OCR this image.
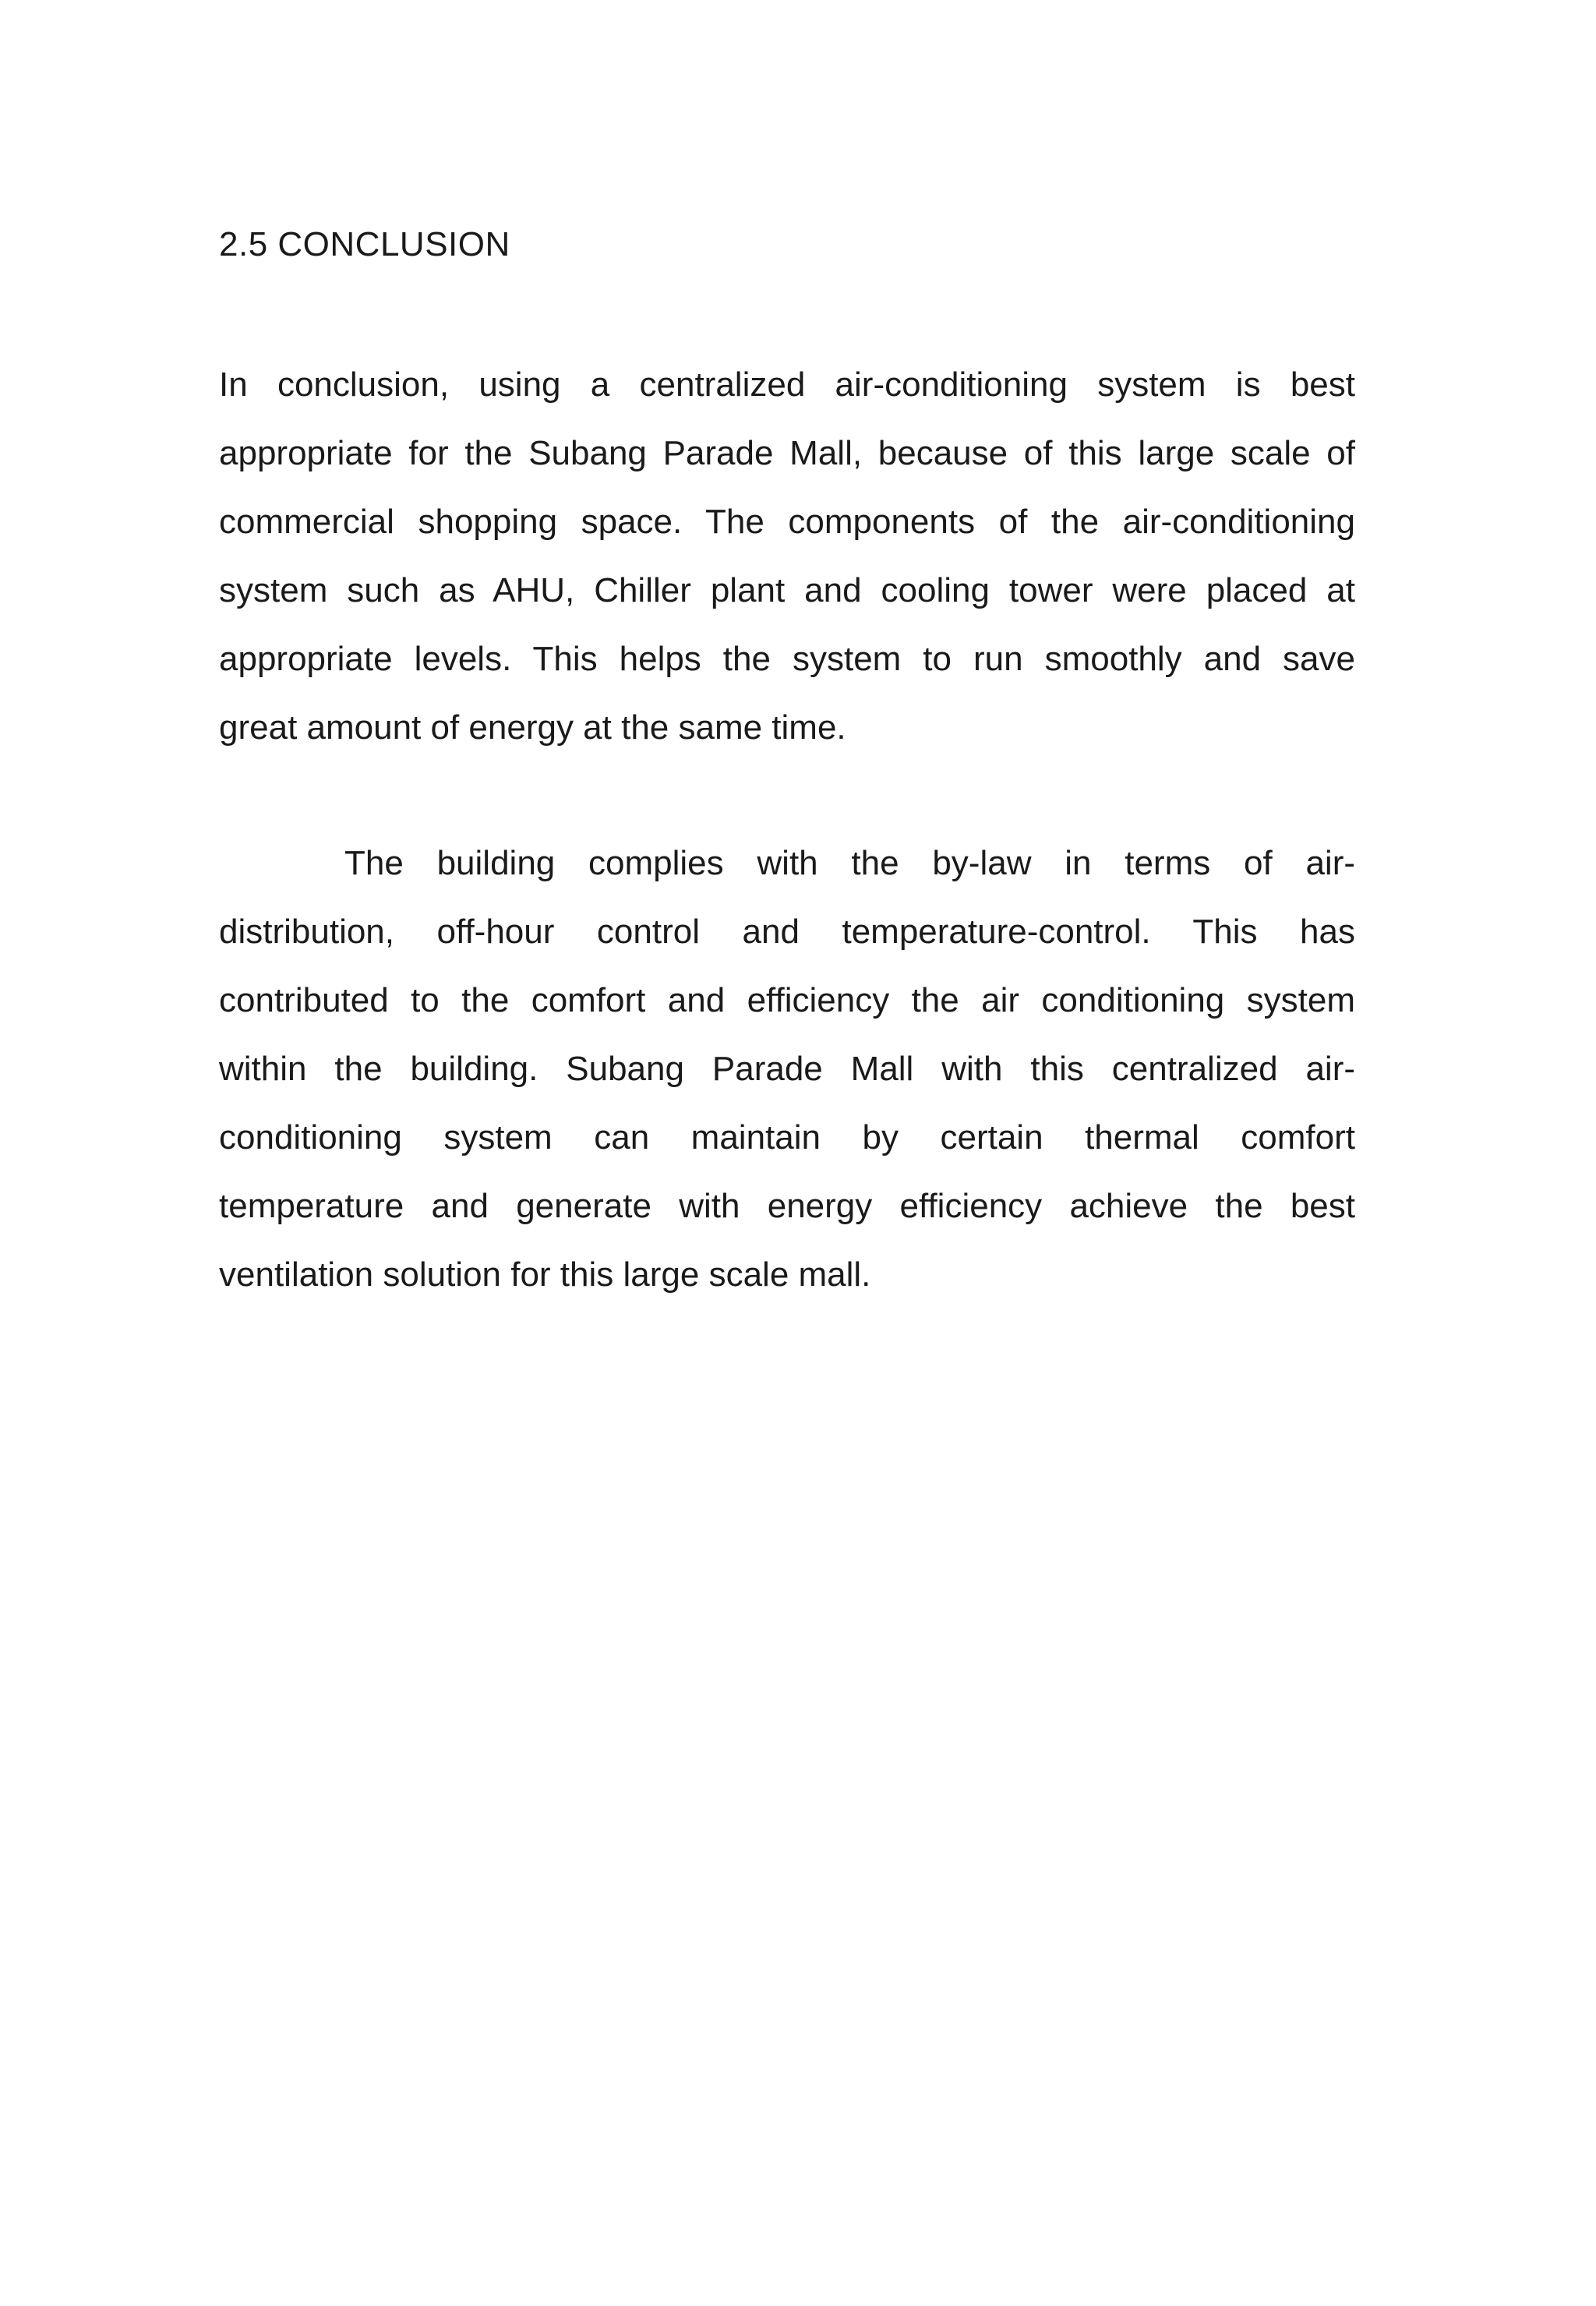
2.5 CONCLUSION

In conclusion, using a centralized air-conditioning system is best

appropriate for the Subang Parade Mall, because of this large scale of

commercial shopping space. The components of the air-conditioning

system such as AHU, Chiller plant and cooling tower were placed at

appropriate levels. This helps the system to run smoothly and save

great amount of energy at the same time.

The building complies with the by-law in terms of air-

distribution, off-hour control and temperature-control. This has

contributed to the comfort and efficiency the air conditioning system

within the building. Subang Parade Mall with this centralized air-

conditioning system can maintain by certain thermal comfort

temperature and generate with energy efficiency achieve the best

ventilation solution for this large scale mall.
